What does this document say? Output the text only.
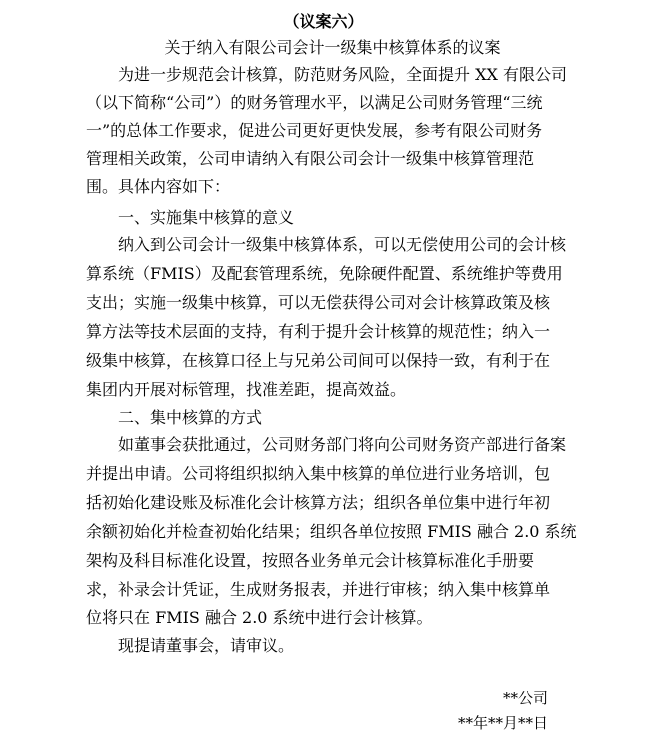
（议案六）
关于纳入有限公司会计一级集中核算体系的议案
为进一步规范会计核算，防范财务风险，全面提升 XX 有限公司
（以下简称“公司”）的财务管理水平，以满足公司财务管理“三统
一”的总体工作要求，促进公司更好更快发展，参考有限公司财务
管理相关政策，公司申请纳入有限公司会计一级集中核算管理范
围。具体内容如下：
一、实施集中核算的意义
纳入到公司会计一级集中核算体系，可以无偿使用公司的会计核
算系统（FMIS）及配套管理系统，免除硬件配置、系统维护等费用
支出；实施一级集中核算，可以无偿获得公司对会计核算政策及核
算方法等技术层面的支持，有利于提升会计核算的规范性；纳入一
级集中核算，在核算口径上与兄弟公司间可以保持一致，有利于在
集团内开展对标管理，找准差距，提高效益。
二、集中核算的方式
如董事会获批通过，公司财务部门将向公司财务资产部进行备案
并提出申请。公司将组织拟纳入集中核算的单位进行业务培训，包
括初始化建设账及标准化会计核算方法；组织各单位集中进行年初
余额初始化并检查初始化结果；组织各单位按照 FMIS 融合 2.0 系统
架构及科目标准化设置，按照各业务单元会计核算标准化手册要
求，补录会计凭证，生成财务报表，并进行审核；纳入集中核算单
位将只在 FMIS 融合 2.0 系统中进行会计核算。
现提请董事会，请审议。
**公司
**年**月**日
